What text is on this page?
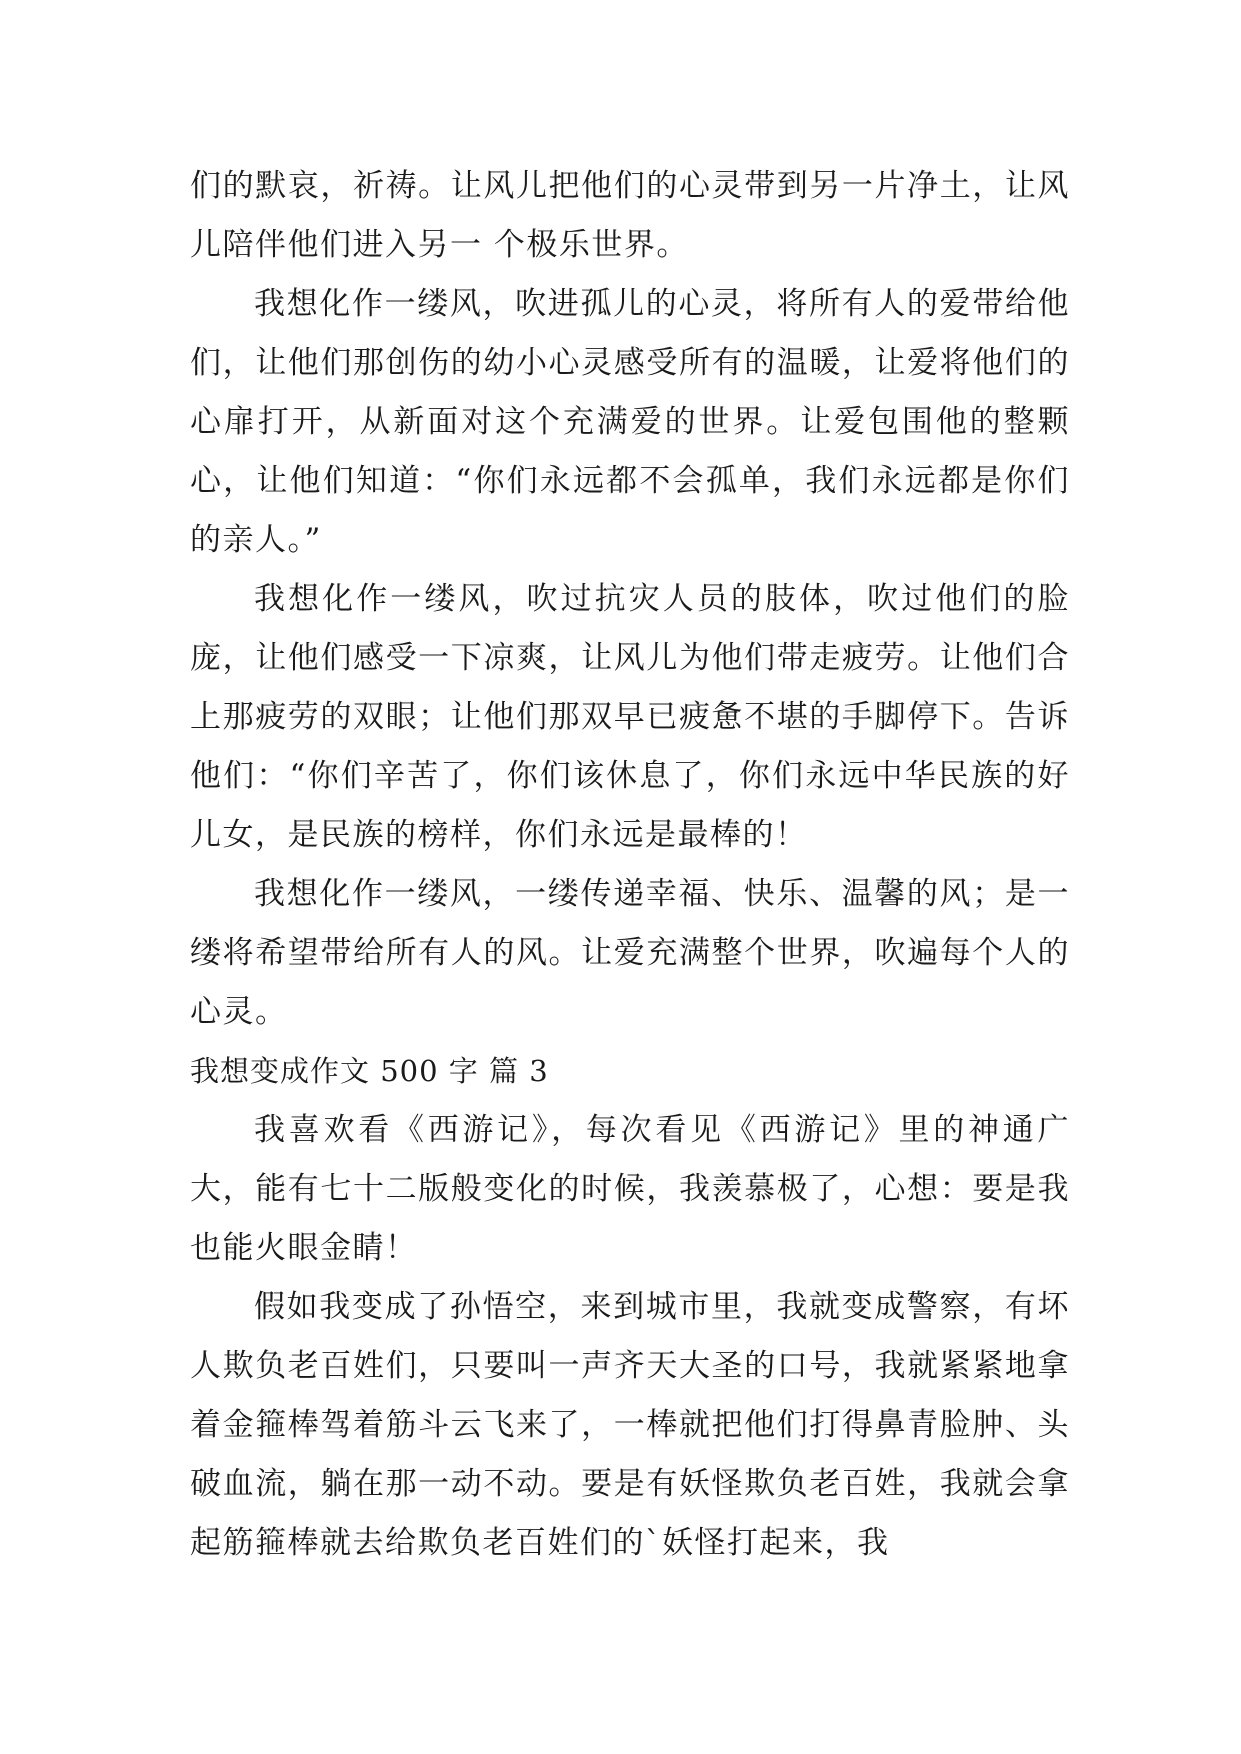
们的默哀，祈祷。让风儿把他们的心灵带到另一片净土，让风儿陪伴他们进入另一 个极乐世界。

我想化作一缕风，吹进孤儿的心灵，将所有人的爱带给他们，让他们那创伤的幼小心灵感受所有的温暖，让爱将他们的心扉打开，从新面对这个充满爱的世界。让爱包围他的整颗心，让他们知道：“你们永远都不会孤单，我们永远都是你们的亲人。”

我想化作一缕风，吹过抗灾人员的肢体，吹过他们的脸庞，让他们感受一下凉爽，让风儿为他们带走疲劳。让他们合上那疲劳的双眼；让他们那双早已疲惫不堪的手脚停下。告诉他们：“你们辛苦了，你们该休息了，你们永远中华民族的好儿女，是民族的榜样，你们永远是最棒的！

我想化作一缕风，一缕传递幸福、快乐、温馨的风；是一缕将希望带给所有人的风。让爱充满整个世界，吹遍每个人的心灵。

我想变成作文 500 字 篇 3

我喜欢看《西游记》，每次看见《西游记》里的神通广大，能有七十二版般变化的时候，我羡慕极了，心想：要是我也能火眼金睛！

假如我变成了孙悟空，来到城市里，我就变成警察，有坏人欺负老百姓们，只要叫一声齐天大圣的口号，我就紧紧地拿着金箍棒驾着筋斗云飞来了，一棒就把他们打得鼻青脸肿、头破血流，躺在那一动不动。要是有妖怪欺负老百姓，我就会拿起筋箍棒就去给欺负老百姓们的`妖怪打起来，我
